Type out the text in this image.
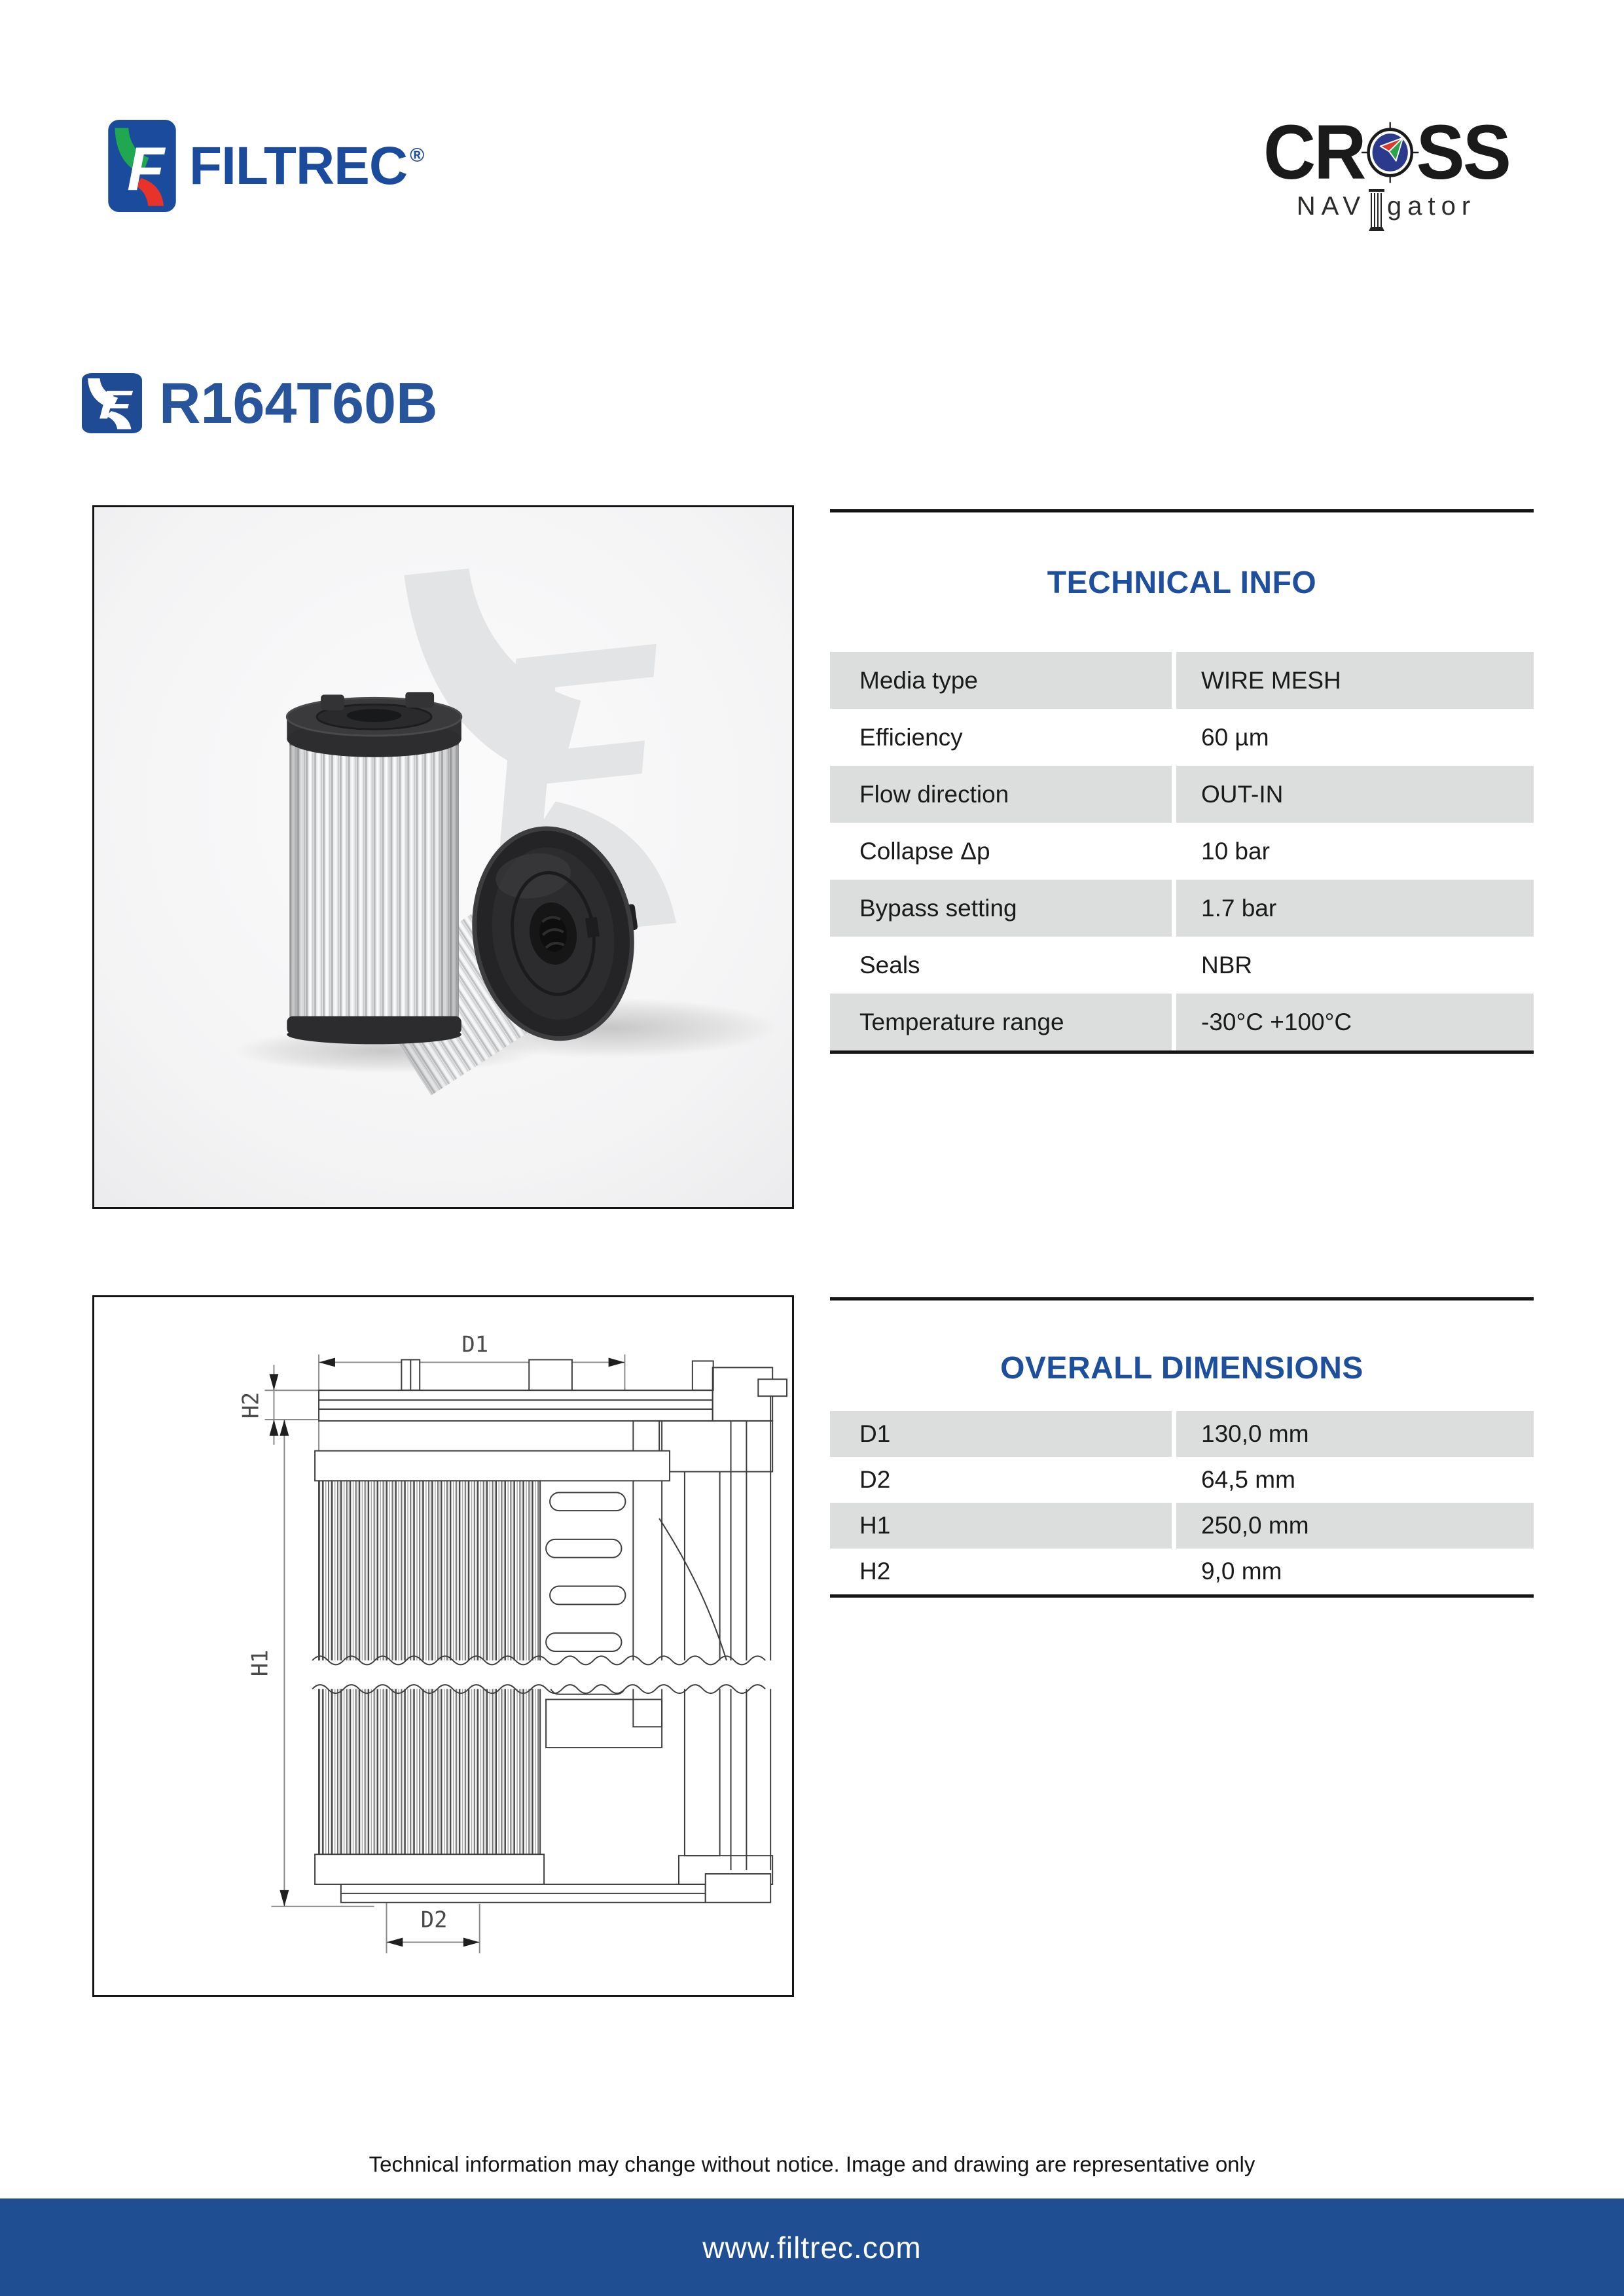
FILTREC ®	CR SS
NAV gator
R164T60B
TECHNICAL INFO
Media type	WIRE MESH
Efficiency	60 µm
Flow direction	OUT-IN
Collapse Δp	10 bar
Bypass setting	1.7 bar
Seals	NBR
Temperature range	-30°C +100°C
D1
H2
H1
D2
OVERALL DIMENSIONS
D1	130,0 mm
D2	64,5 mm
H1	250,0 mm
H2	9,0 mm
Technical information may change without notice. Image and drawing are representative only
www.filtrec.com
